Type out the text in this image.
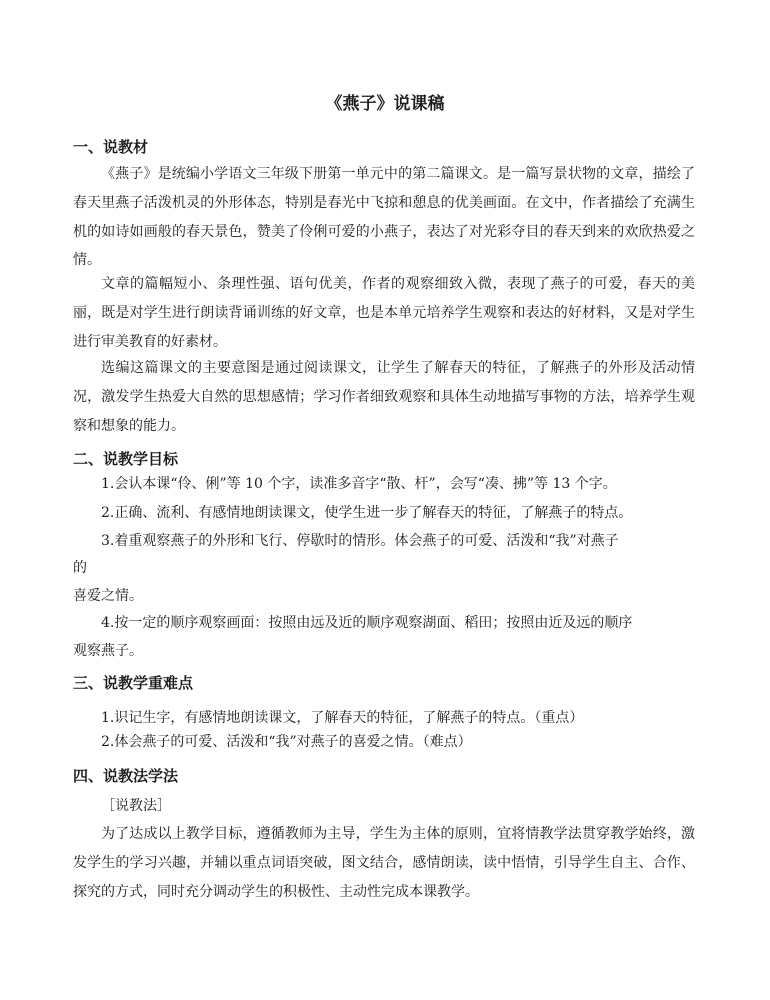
《燕子》说课稿
一、说教材

《燕子》是统编小学语文三年级下册第一单元中的第二篇课文。是一篇写景状物的文章，描绘了春天里燕子活泼机灵的外形体态，特别是春光中飞掠和憩息的优美画面。在文中，作者描绘了充满生机的如诗如画般的春天景色，赞美了伶俐可爱的小燕子，表达了对光彩夺目的春天到来的欢欣热爱之情。

文章的篇幅短小、条理性强、语句优美，作者的观察细致入微，表现了燕子的可爱，春天的美丽，既是对学生进行朗读背诵训练的好文章，也是本单元培养学生观察和表达的好材料，又是对学生进行审美教育的好素材。

选编这篇课文的主要意图是通过阅读课文，让学生了解春天的特征，了解燕子的外形及活动情况，激发学生热爱大自然的思想感情；学习作者细致观察和具体生动地描写事物的方法，培养学生观察和想象的能力。

二、说教学目标

1.会认本课“伶、俐”等 10 个字，读准多音字“散、杆”，会写“凑、拂”等 13 个字。

2.正确、流利、有感情地朗读课文，使学生进一步了解春天的特征，了解燕子的特点。

3.着重观察燕子的外形和飞行、停歇时的情形。体会燕子的可爱、活泼和“我”对燕子

的

喜爱之情。

4.按一定的顺序观察画面：按照由远及近的顺序观察湖面、稻田；按照由近及远的顺序

观察燕子。

三、说教学重难点

1.识记生字，有感情地朗读课文，了解春天的特征，了解燕子的特点。（重点）

2.体会燕子的可爱、活泼和“我”对燕子的喜爱之情。（难点）

四、说教法学法

［说教法］

为了达成以上教学目标，遵循教师为主导，学生为主体的原则，宜将情教学法贯穿教学始终，激发学生的学习兴趣，并辅以重点词语突破，图文结合，感情朗读，读中悟情，引导学生自主、合作、探究的方式，同时充分调动学生的积极性、主动性完成本课教学。
